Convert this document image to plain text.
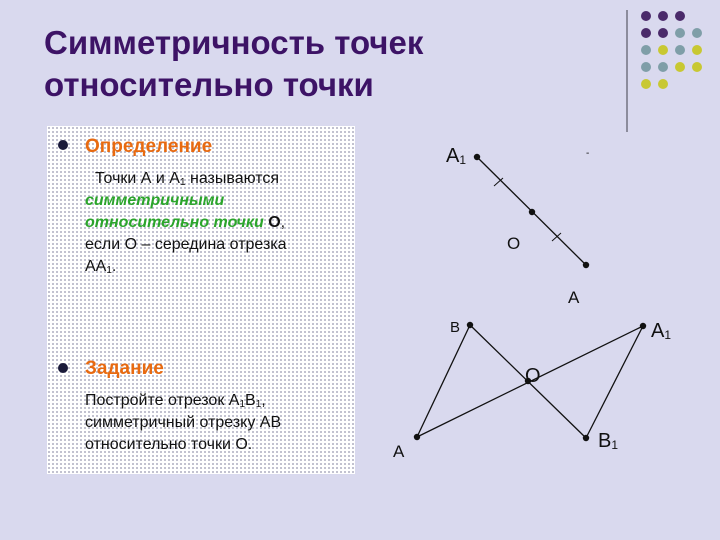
Симметричность точек
относительно точки
Определение
Точки А и $А_1$ называются
симметричными
относительно точки О,
если О – середина отрезка
$АА_1$.
Задание
Постройте отрезок $А_1В_1$,
симметричный отрезку АВ
относительно точки О.
$А_1$	-
О
А
В	$А_1$
О
$В_1$
А
